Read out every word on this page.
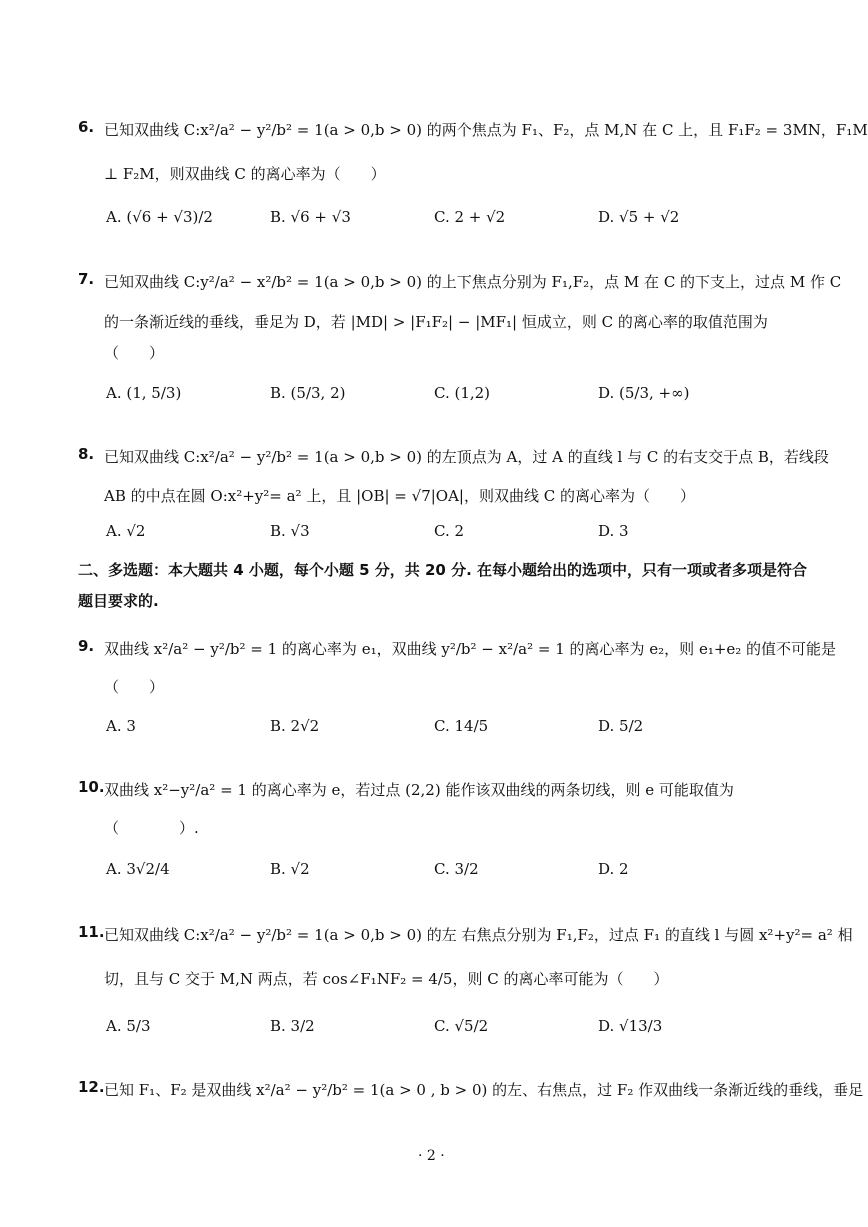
6. 已知双曲线 C:x²/a² − y²/b² = 1(a > 0,b > 0) 的两个焦点为 F₁、F₂，点 M,N 在 C 上，且 F₁F₂ = 3MN，F₁M
⊥ F₂M，则双曲线 C 的离心率为（　　）
A. (√6 + √3)/2	B. √6 + √3	C. 2 + √2	D. √5 + √2
7. 已知双曲线 C:y²/a² − x²/b² = 1(a > 0,b > 0) 的上下焦点分别为 F₁,F₂，点 M 在 C 的下支上，过点 M 作 C
的一条渐近线的垂线，垂足为 D，若 |MD| > |F₁F₂| − |MF₁| 恒成立，则 C 的离心率的取值范围为
（　　）
A. (1, 5/3)	B. (5/3, 2)	C. (1,2)	D. (5/3, +∞)
8. 已知双曲线 C:x²/a² − y²/b² = 1(a > 0,b > 0) 的左顶点为 A，过 A 的直线 l 与 C 的右支交于点 B，若线段
AB 的中点在圆 O:x²+y²= a² 上，且 |OB| = √7|OA|，则双曲线 C 的离心率为（　　）
A. √2	B. √3	C. 2	D. 3
二、多选题：本大题共 4 小题，每个小题 5 分，共 20 分. 在每小题给出的选项中，只有一项或者多项是符合
题目要求的.
9. 双曲线 x²/a² − y²/b² = 1 的离心率为 e₁，双曲线 y²/b² − x²/a² = 1 的离心率为 e₂，则 e₁+e₂ 的值不可能是
（　　）
A. 3	B. 2√2	C. 14/5	D. 5/2
10. 双曲线 x²−y²/a² = 1 的离心率为 e，若过点 (2,2) 能作该双曲线的两条切线，则 e 可能取值为
（　　　　）.
A. 3√2/4	B. √2	C. 3/2	D. 2
11. 已知双曲线 C:x²/a² − y²/b² = 1(a > 0,b > 0) 的左 右焦点分别为 F₁,F₂，过点 F₁ 的直线 l 与圆 x²+y²= a² 相
切，且与 C 交于 M,N 两点，若 cos∠F₁NF₂ = 4/5，则 C 的离心率可能为（　　）
A. 5/3	B. 3/2	C. √5/2	D. √13/3
12. 已知 F₁、F₂ 是双曲线 x²/a² − y²/b² = 1(a > 0 , b > 0) 的左、右焦点，过 F₂ 作双曲线一条渐近线的垂线，垂足
· 2 ·
